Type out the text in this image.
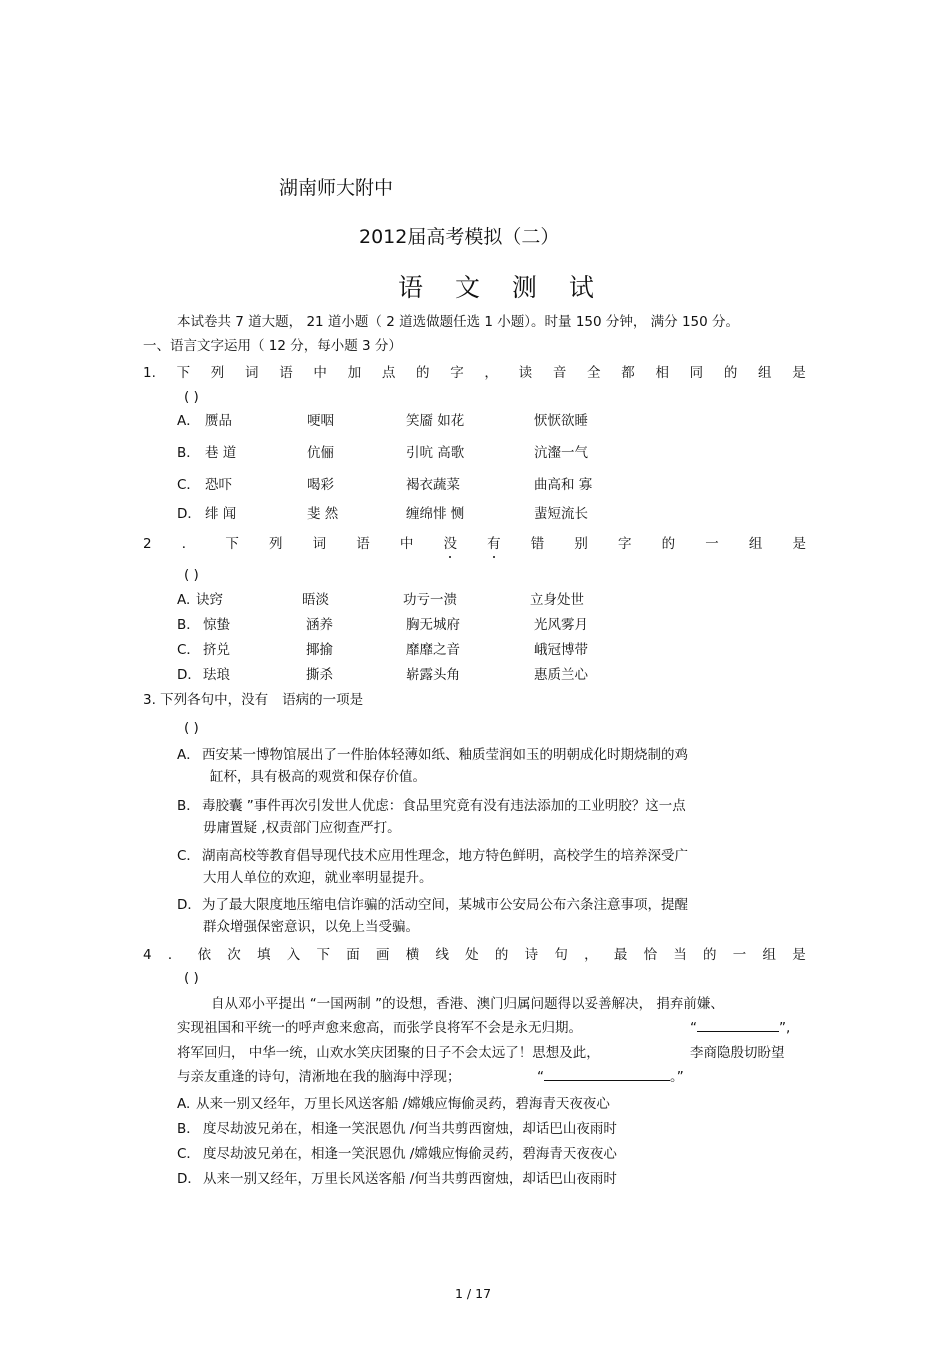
湖南师大附中
2012届高考模拟（二）
语 文 测 试
本试卷共 7 道大题， 21 道小题（ 2 道选做题任选 1 小题）。时量 150 分钟， 满分 150 分。
一、语言文字运用（ 12 分，每小题 3 分）
1. 下 列 词 语 中 加 点 的 字 ， 读 音 全 都 相 同 的 组 是
( )
A． 赝品	哽咽	笑靥 如花	恹恹欲睡
B． 巷 道	伉俪	引吭 高歌	沆瀣一气
C． 恐吓	喝彩	褐衣蔬菜	曲高和 寡
D． 绯 闻	斐 然	缠绵悱 恻	蜚短流长
2 ． 下 列 词 语 中 没 有 错 别 字 的 一 组 是
( )
A. 诀窍	晤淡	功亏一溃	立身处世
B． 惊蛰	涵养	胸无城府	光风雾月
C． 挤兑	揶揄	靡靡之音	峨冠博带
D． 珐琅	撕杀	崭露头角	惠质兰心
3. 下列各句中，没有 语病的一项是
( )
A． 西安某一博物馆展出了一件胎体轻薄如纸、釉质莹润如玉的明朝成化时期烧制的鸡
缸杯，具有极高的观赏和保存价值。
B． 毒胶囊 ”事件再次引发世人优虑：食品里究竟有没有违法添加的工业明胶？这一点
毋庸置疑 ,权责部门应彻查严打。
C． 湖南高校等教育倡导现代技术应用性理念，地方特色鲜明，高校学生的培养深受广
大用人单位的欢迎，就业率明显提升。
D． 为了最大限度地压缩电信诈骗的活动空间，某城市公安局公布六条注意事项，提醒
群众增强保密意识，以免上当受骗。
4 ． 依 次 填 入 下 面 画 横 线 处 的 诗 句 ， 最 恰 当 的 一 组 是
( )
自从邓小平提出 “一国两制 ”的设想，香港、澳门归属问题得以妥善解决， 捐弃前嫌、
实现祖国和平统一的呼声愈来愈高，而张学良将军不会是永无归期。	“	”,
将军回归， 中华一统，山欢水笑庆团聚的日子不会太远了！思想及此，	李商隐殷切盼望
与亲友重逢的诗句，清淅地在我的脑海中浮现；	“	。”
A. 从来一别又经年，万里长风送客船 /嫦娥应悔偷灵药，碧海青天夜夜心
B． 度尽劫波兄弟在，相逢一笑泯恩仇 /何当共剪西窗烛，却话巴山夜雨时
C． 度尽劫波兄弟在，相逢一笑泯恩仇 /嫦娥应悔偷灵药，碧海青天夜夜心
D． 从来一别又经年，万里长风送客船 /何当共剪西窗烛，却话巴山夜雨时
1 / 17
